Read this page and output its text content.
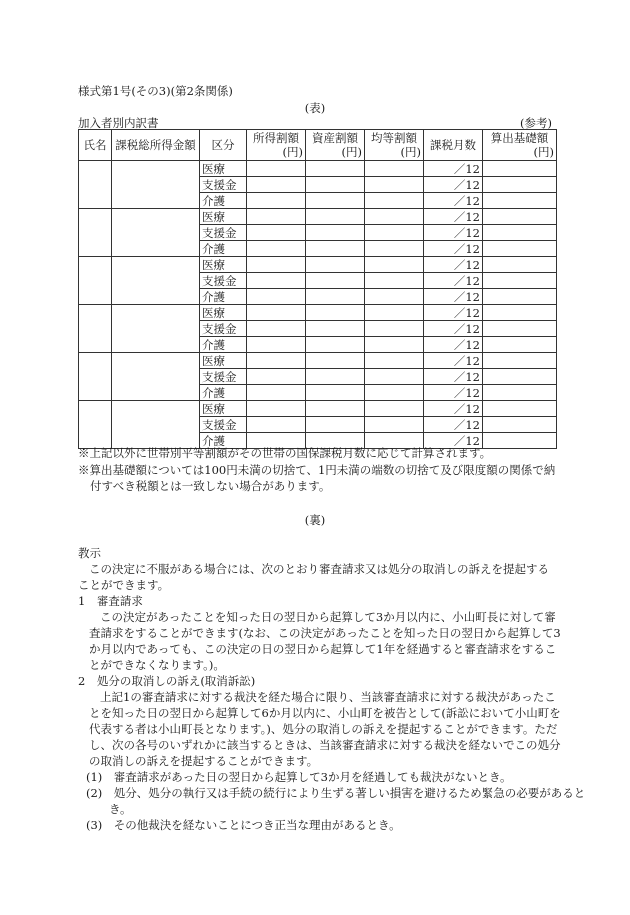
様式第1号(その3)(第2条関係)
(表)
加入者別内訳書	(参考)
氏名	課税総所得金額	区分	所得割額
(円)	資産割額
(円)	均等割額
(円)	課税月数	算出基礎額
(円)

		医療				／12	
		支援金				／12	
		介護				／12	
		医療				／12	
		支援金				／12	
		介護				／12	
		医療				／12	
		支援金				／12	
		介護				／12	
		医療				／12	
		支援金				／12	
		介護				／12	
		医療				／12	
		支援金				／12	
		介護				／12	
		医療				／12	
		支援金				／12	
		介護				／12	
※上記以外に世帯別平等割額がその世帯の国保課税月数に応じて計算されます。
※算出基礎額については100円未満の切捨て、1円未満の端数の切捨て及び限度額の関係で納付すべき税額とは一致しない場合があります。
(裏)
教示
この決定に不服がある場合には、次のとおり審査請求又は処分の取消しの訴えを提起することができます。
1　審査請求
この決定があったことを知った日の翌日から起算して3か月以内に、小山町長に対して審査請求をすることができます(なお、この決定があったことを知った日の翌日から起算して3か月以内であっても、この決定の日の翌日から起算して1年を経過すると審査請求をすることができなくなります。)。
2　処分の取消しの訴え(取消訴訟)
上記1の審査請求に対する裁決を経た場合に限り、当該審査請求に対する裁決があったことを知った日の翌日から起算して6か月以内に、小山町を被告として(訴訟において小山町を代表する者は小山町長となります。)、処分の取消しの訴えを提起することができます。ただし、次の各号のいずれかに該当するときは、当該審査請求に対する裁決を経ないでこの処分の取消しの訴えを提起することができます。
(1)　審査請求があった日の翌日から起算して3か月を経過しても裁決がないとき。
(2)　処分、処分の執行又は手続の続行により生ずる著しい損害を避けるため緊急の必要があるとき。
(3)　その他裁決を経ないことにつき正当な理由があるとき。
